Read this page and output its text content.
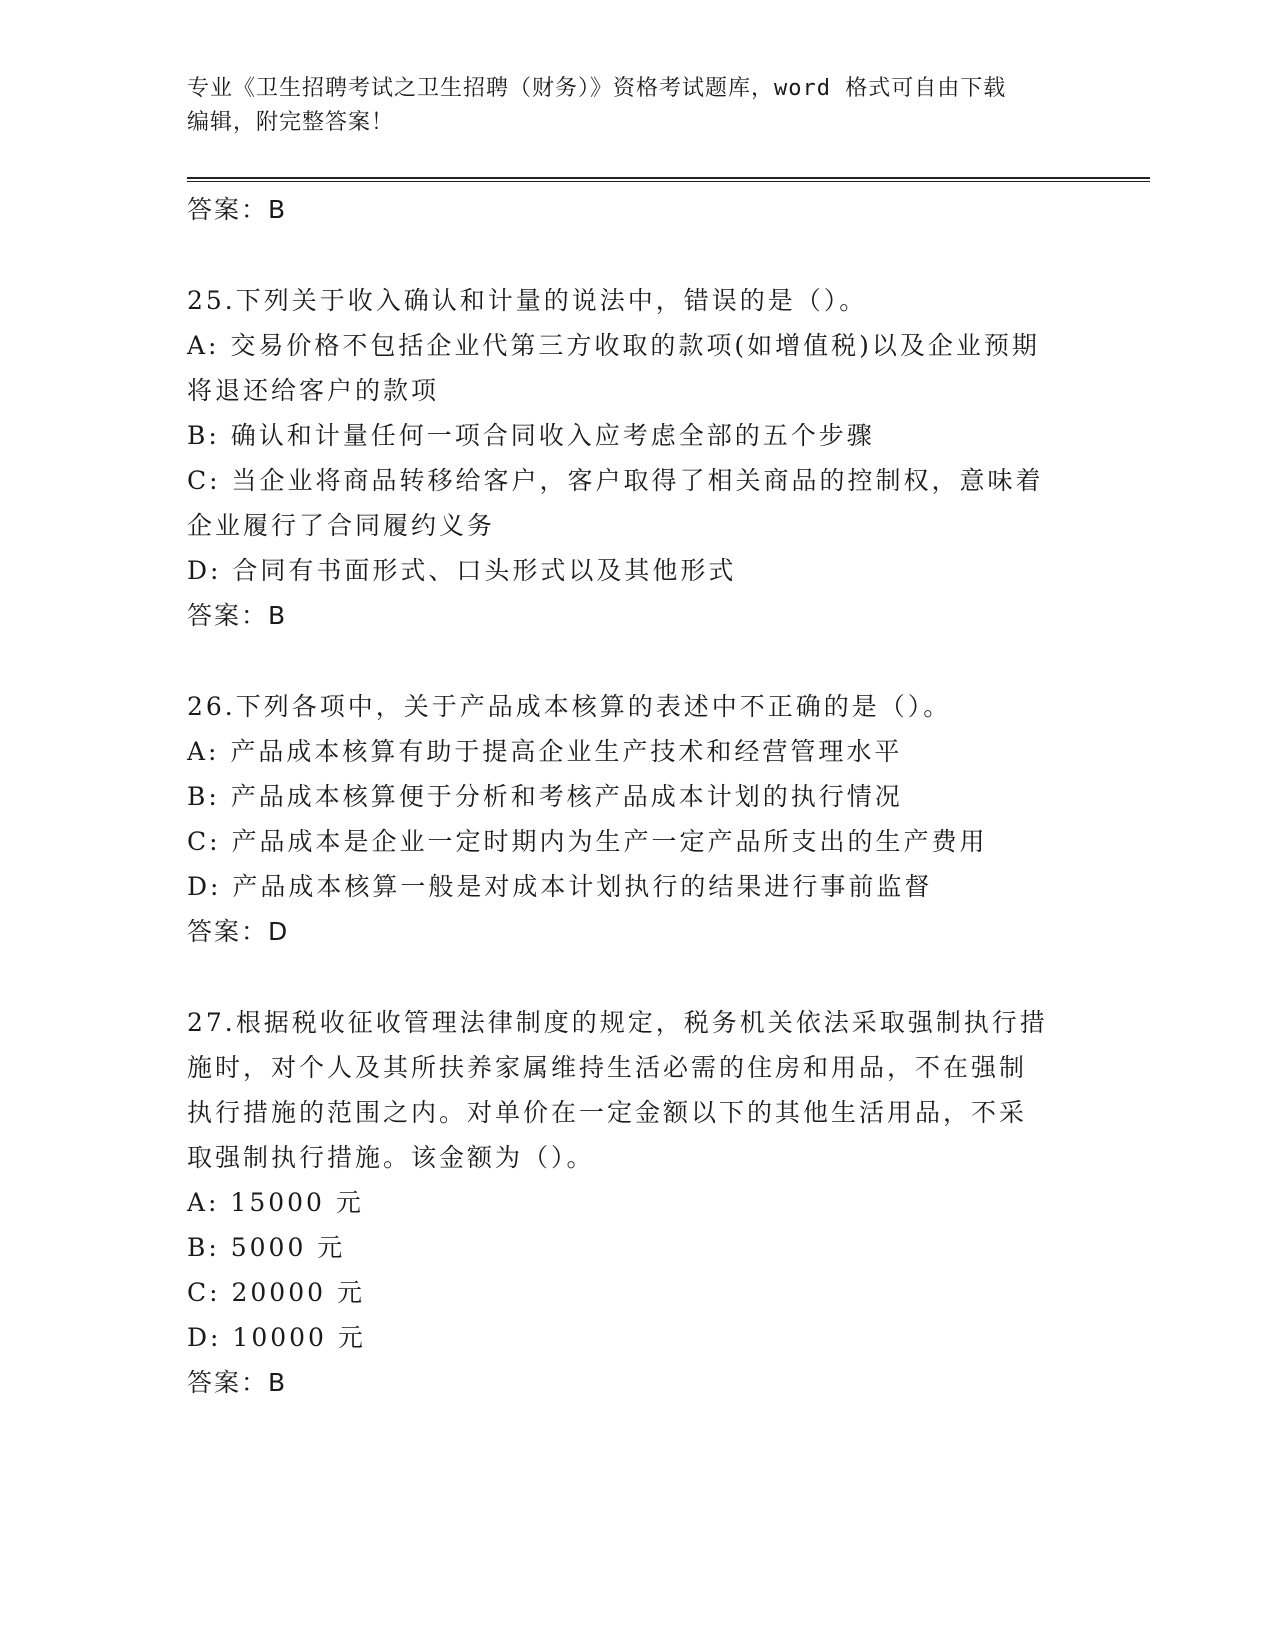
专业《卫生招聘考试之卫生招聘（财务）》资格考试题库，word 格式可自由下载
编辑，附完整答案！
答案：B
25.下列关于收入确认和计量的说法中，错误的是（）。
A: 交易价格不包括企业代第三方收取的款项(如增值税)以及企业预期
将退还给客户的款项
B: 确认和计量任何一项合同收入应考虑全部的五个步骤
C: 当企业将商品转移给客户，客户取得了相关商品的控制权，意味着
企业履行了合同履约义务
D: 合同有书面形式、口头形式以及其他形式
答案：B
26.下列各项中，关于产品成本核算的表述中不正确的是（）。
A: 产品成本核算有助于提高企业生产技术和经营管理水平
B: 产品成本核算便于分析和考核产品成本计划的执行情况
C: 产品成本是企业一定时期内为生产一定产品所支出的生产费用
D: 产品成本核算一般是对成本计划执行的结果进行事前监督
答案：D
27.根据税收征收管理法律制度的规定，税务机关依法采取强制执行措
施时，对个人及其所扶养家属维持生活必需的住房和用品，不在强制
执行措施的范围之内。对单价在一定金额以下的其他生活用品，不采
取强制执行措施。该金额为（）。
A: 15000 元
B: 5000 元
C: 20000 元
D: 10000 元
答案：B
